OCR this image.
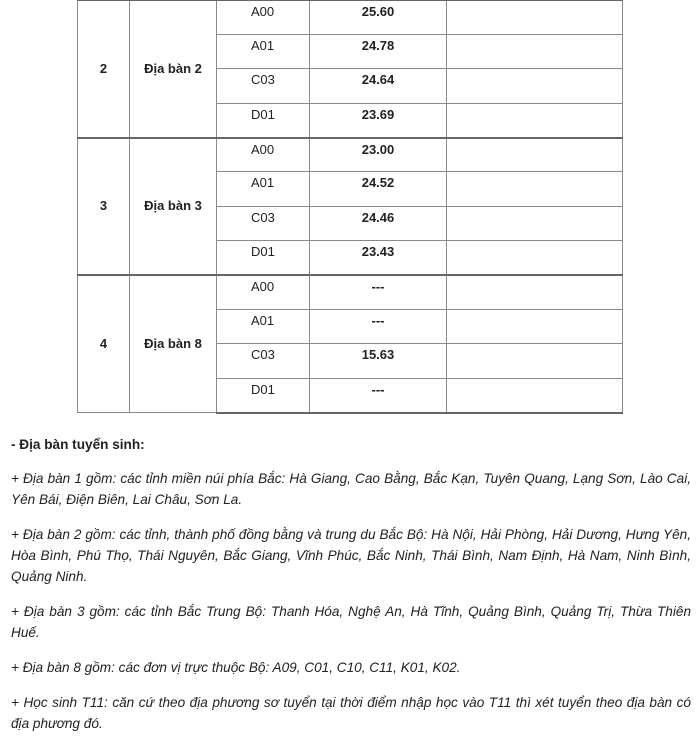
2	Địa bàn 2	A00	25.60	
		A01	24.78	
		C03	24.64	
		D01	23.69	
3	Địa bàn 3	A00	23.00	
		A01	24.52	
		C03	24.46	
		D01	23.43	
4	Địa bàn 8	A00	---	
		A01	---	
		C03	15.63	
		D01	---	

- Địa bàn tuyển sinh:

+ Địa bàn 1 gồm: các tỉnh miền núi phía Bắc: Hà Giang, Cao Bằng, Bắc Kạn, Tuyên Quang, Lạng Sơn, Lào Cai, Yên Bái, Điện Biên, Lai Châu, Sơn La.

+ Địa bàn 2 gồm: các tỉnh, thành phố đồng bằng và trung du Bắc Bộ: Hà Nội, Hải Phòng, Hải Dương, Hưng Yên, Hòa Bình, Phú Thọ, Thái Nguyên, Bắc Giang, Vĩnh Phúc, Bắc Ninh, Thái Bình, Nam Định, Hà Nam, Ninh Bình, Quảng Ninh.

+ Địa bàn 3 gồm: các tỉnh Bắc Trung Bộ: Thanh Hóa, Nghệ An, Hà Tĩnh, Quảng Bình, Quảng Trị, Thừa Thiên Huế.

+ Địa bàn 8 gồm: các đơn vị trực thuộc Bộ: A09, C01, C10, C11, K01, K02.

+ Học sinh T11: căn cứ theo địa phương sơ tuyển tại thời điểm nhập học vào T11 thì xét tuyển theo địa bàn có địa phương đó.
